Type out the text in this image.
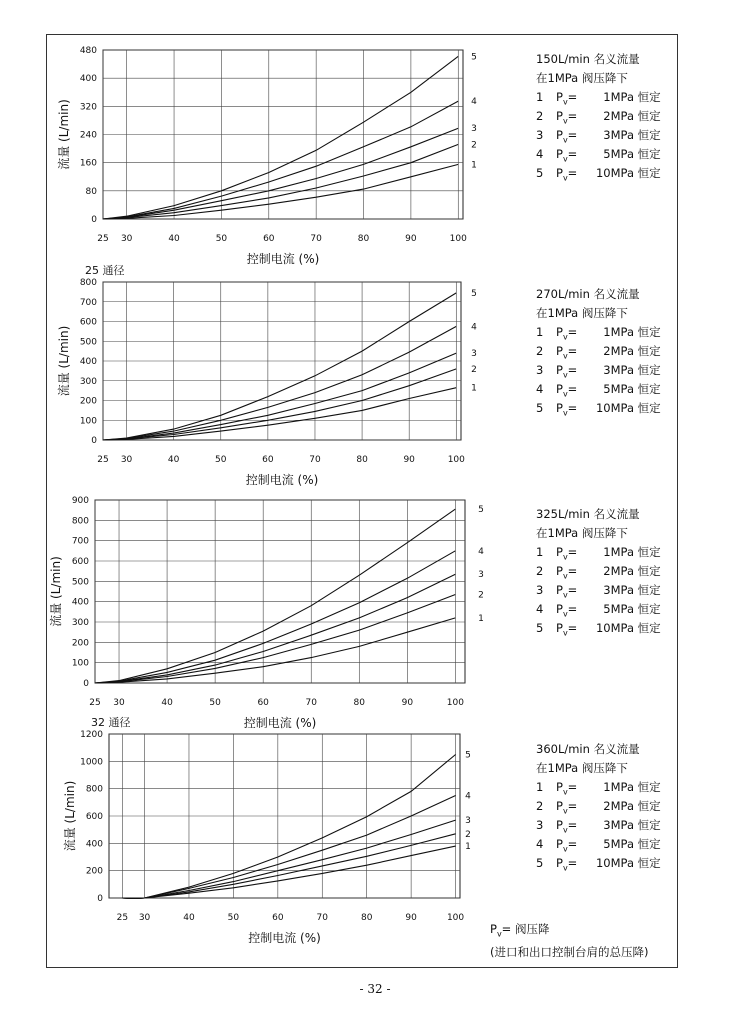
25 30	40	50	60	70	80	90	100
0
80
160
240
320
400
480
1
2
3
4
5
控制电流 (%)
流量 (L/min)
25 30	40	50	60	70	80	90	100
0
100
200
300
400
500
600
700
800
1
2
3
4
5
控制电流 (%)
流量 (L/min)
25 通径
25 30	40	50	60	70	80	90	100
0
100
200
300
400
500
600
700
800
900
1
2
3
4
5
控制电流 (%)
流量 (L/min)
25 30	40	50	60	70	80	90	100
0
200
400
600
800
1000
1200
1
2
3
4
5
控制电流 (%)
流量 (L/min)
32 通径
150L/min 名义流量
在1MPa 阀压降下
1 $P_v= 1MPa$ 恒定
2 $P_v= 2MPa$ 恒定
3 $P_v= 3MPa$ 恒定
4 $P_v= 5MPa$ 恒定
5 $P_v= 10MPa$ 恒定
270L/min 名义流量
在1MPa 阀压降下
1 $P_v= 1MPa$ 恒定
2 $P_v= 2MPa$ 恒定
3 $P_v= 3MPa$ 恒定
4 $P_v= 5MPa$ 恒定
5 $P_v= 10MPa$ 恒定
325L/min 名义流量
在1MPa 阀压降下
1 $P_v= 1MPa$ 恒定
2 $P_v= 2MPa$ 恒定
3 $P_v= 3MPa$ 恒定
4 $P_v= 5MPa$ 恒定
5 $P_v= 10MPa$ 恒定
360L/min 名义流量
在1MPa 阀压降下
1 $P_v= 1MPa$ 恒定
2 $P_v= 2MPa$ 恒定
3 $P_v= 3MPa$ 恒定
4 $P_v= 5MPa$ 恒定
5 $P_v= 10MPa$ 恒定
$P_v=$ 阀压降
(进口和出口控制台肩的总压降)
- 32 -
